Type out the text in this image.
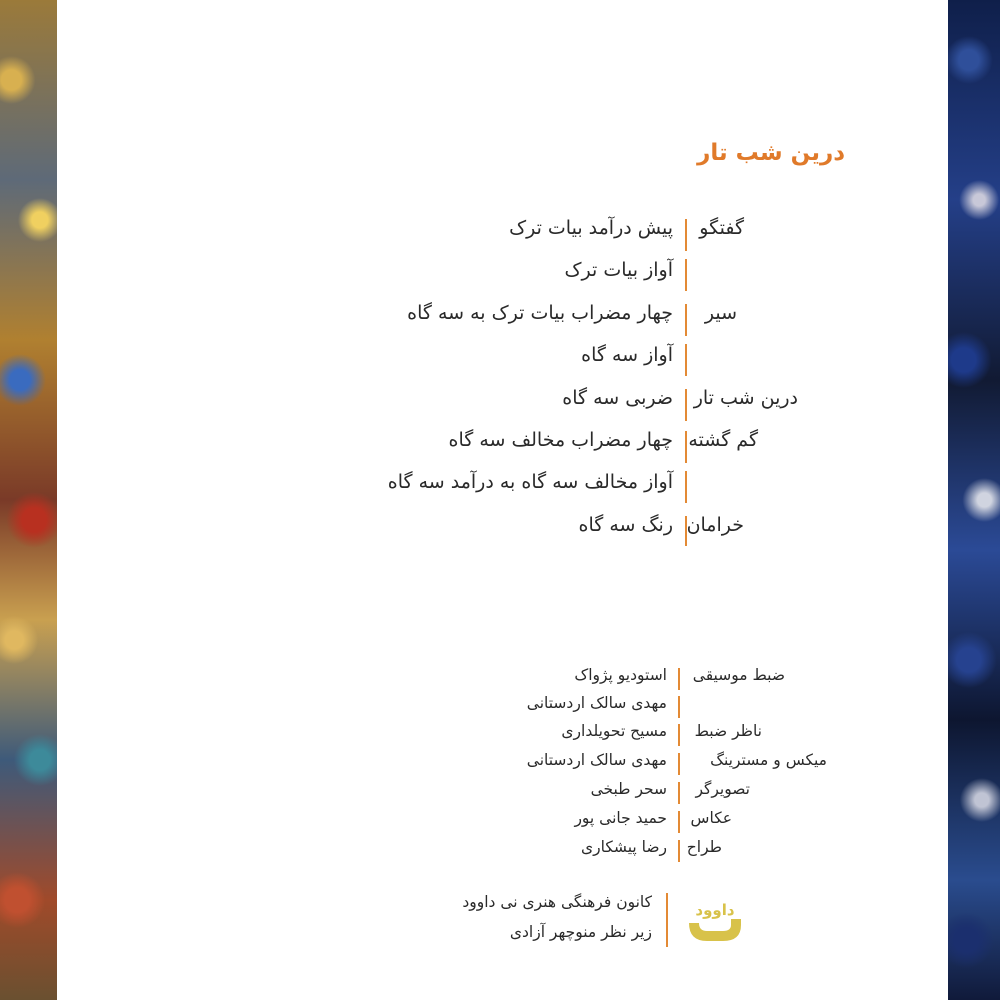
درین شب تار
گفتگو
پیش درآمد بیات ترک
آواز بیات ترک
سیر
چهار مضراب بیات ترک به سه گاه
آواز سه گاه
درین شب تار
ضربی سه گاه
گم گشته
چهار مضراب مخالف سه گاه
آواز مخالف سه گاه به درآمد سه گاه
خرامان
رنگ سه گاه
ضبط موسیقی
استودیو پژواک
مهدی سالک اردستانی
ناظر ضبط
مسیح تحویلداری
میکس و مسترینگ
مهدی سالک اردستانی
تصویرگر
سحر طبخی
عکاس
حمید جانی پور
طراح
رضا پیشکاری
داوود
کانون فرهنگی هنری نی داوود
زیر نظر منوچهر آزادی
